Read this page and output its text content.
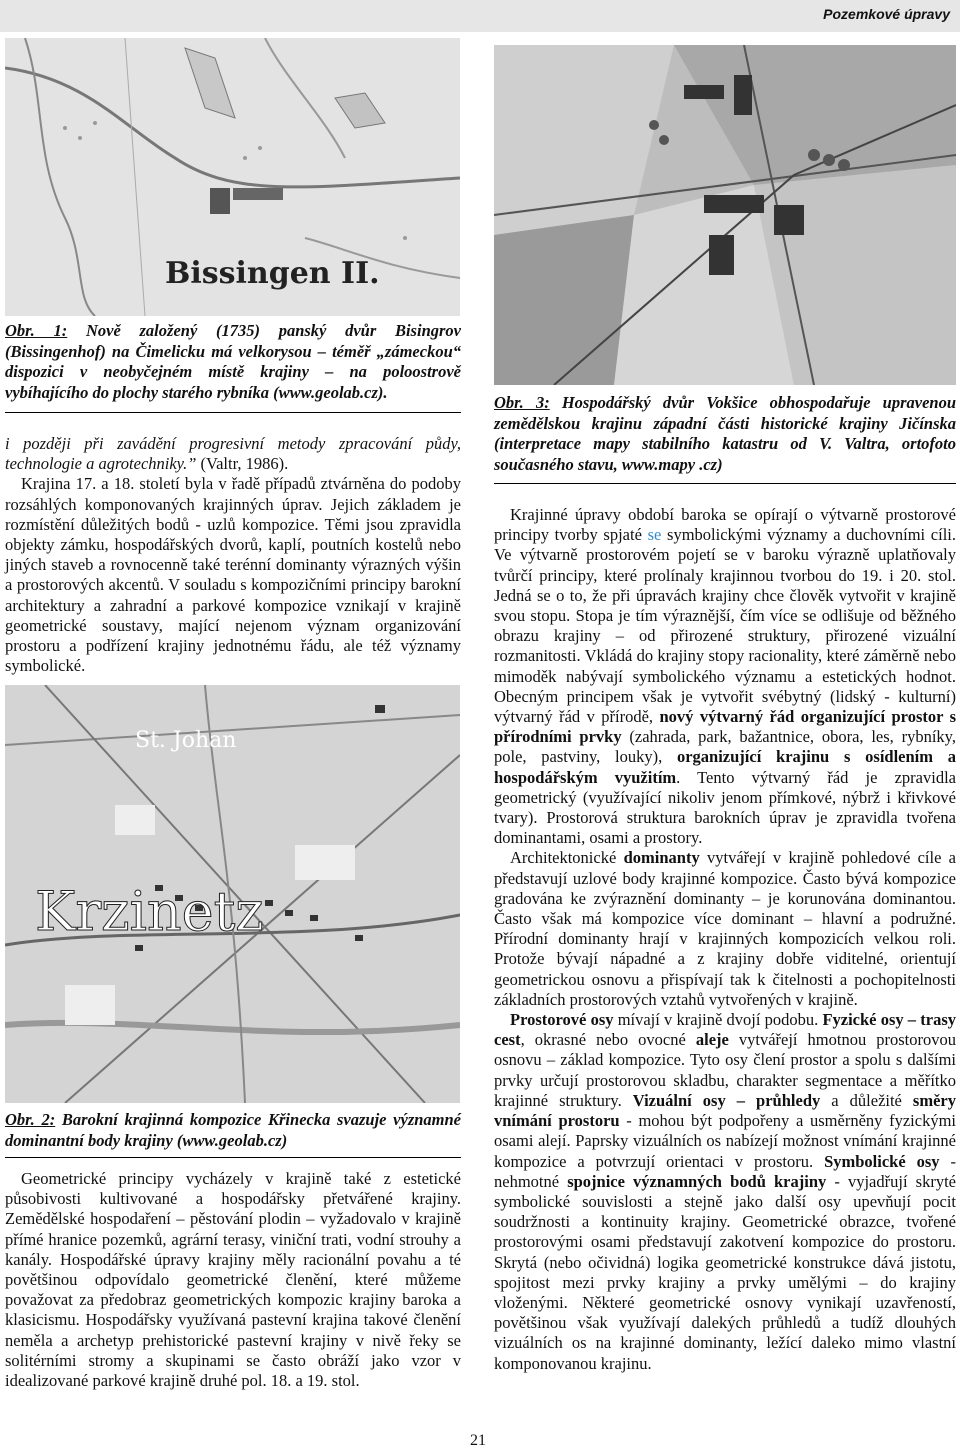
Pozemkové úpravy
Bissingen II.
Obr. 1: Nově založený (1735) panský dvůr Bisingrov (Bissingenhof) na Čimelicku má velkorysou – téměř „zámeckou“ dispozici v neobyčejném místě krajiny – na poloostrově vybíhajícího do plochy starého rybníka (www.geolab.cz).

i později při zavádění progresivní metody zpracování půdy, technologie a agrotechniky.” (Valtr, 1986).

Krajina 17. a 18. století byla v řadě případů ztvárněna do podoby rozsáhlých komponovaných krajinných úprav. Jejich základem je rozmístění důležitých bodů - uzlů kompozice. Těmi jsou zpravidla objekty zámku, hospodářských dvorů, kaplí, poutních kostelů nebo jiných staveb a rovnocenně také terénní dominanty výrazných výšin a prostorových akcentů. V souladu s kompozičními principy barokní architektury a zahradní a parkové kompozice vznikají v krajině geometrické soustavy, mající nejenom význam organizování prostoru a podřízení krajiny jednotnému řádu, ale též významy symbolické.

St. Johan
Krzinetz
Obr. 2: Barokní krajinná kompozice Křinecka svazuje významné dominantní body krajiny (www.geolab.cz)

Geometrické principy vycházely v krajině také z estetické působivosti kultivované a hospodářsky přetvářené krajiny. Zemědělské hospodaření – pěstování plodin – vyžadovalo v krajině přímé hranice pozemků, agrární terasy, viniční trati, vodní strouhy a kanály. Hospodářské úpravy krajiny měly racionální povahu a té povětšinou odpovídalo geometrické členění, které můžeme považovat za předobraz geometrických kompozic krajiny baroka a klasicismu. Hospodářsky využívaná pastevní krajina takové členění neměla a archetyp prehistorické pastevní krajiny v nivě řeky se solitérními stromy a skupinami se často obráží jako vzor v idealizované parkové krajině druhé pol. 18. a 19. stol.

Obr. 3: Hospodářský dvůr Vokšice obhospodařuje upravenou zemědělskou krajinu západní části historické krajiny Jičínska (interpretace mapy stabilního katastru od V. Valtra, ortofoto současného stavu, www.mapy .cz)

Krajinné úpravy období baroka se opírají o výtvarně prostorové principy tvorby spjaté se symbolickými významy a duchovními cíli. Ve výtvarně prostorovém pojetí se v baroku výrazně uplatňovaly tvůrčí principy, které prolínaly krajinnou tvorbou do 19. i 20. stol. Jedná se o to, že při úpravách krajiny chce člověk vytvořit v krajině svou stopu. Stopa je tím výraznější, čím více se odlišuje od běžného obrazu krajiny – od přirozené struktury, přirozené vizuální rozmanitosti. Vkládá do krajiny stopy racionality, které záměrně nebo mimoděk nabývají symbolického významu a estetických hodnot. Obecným principem však je vytvořit svébytný (lidský - kulturní) výtvarný řád v přírodě, nový výtvarný řád organizující prostor s přírodními prvky (zahrada, park, bažantnice, obora, les, rybníky, pole, pastviny, louky), organizující krajinu s osídlením a hospodářským využitím. Tento výtvarný řád je zpravidla geometrický (využívající nikoliv jenom přímkové, nýbrž i křivkové tvary). Prostorová struktura barokních úprav je zpravidla tvořena dominantami, osami a prostory.

Architektonické dominanty vytvářejí v krajině pohledové cíle a představují uzlové body krajinné kompozice. Často bývá kompozice gradována ke zvýraznění dominanty – je korunována dominantou. Často však má kompozice více dominant – hlavní a podružné. Přírodní dominanty hrají v krajinných kompozicích velkou roli. Protože bývají nápadné a z krajiny dobře viditelné, orientují geometrickou osnovu a přispívají tak k čitelnosti a pochopitelnosti základních prostorových vztahů vytvořených v krajině.

Prostorové osy mívají v krajině dvojí podobu. Fyzické osy – trasy cest, okrasné nebo ovocné aleje vytvářejí hmotnou prostorovou osnovu – základ kompozice. Tyto osy člení prostor a spolu s dalšími prvky určují prostorovou skladbu, charakter segmentace a měřítko krajinné struktury. Vizuální osy – průhledy a důležité směry vnímání prostoru - mohou být podpořeny a usměrněny fyzickými osami alejí. Paprsky vizuálních os nabízejí možnost vnímání krajinné kompozice a potvrzují orientaci v prostoru. Symbolické osy - nehmotné spojnice významných bodů krajiny - vyjadřují skryté symbolické souvislosti a stejně jako další osy upevňují pocit soudržnosti a kontinuity krajiny. Geometrické obrazce, tvořené prostorovými osami představují zakotvení kompozice do prostoru. Skrytá (nebo očividná) logika geometrické konstrukce dává jistotu, spojitost mezi prvky krajiny a prvky umělými – do krajiny vloženými. Některé geometrické osnovy vynikají uzavřeností, povětšinou však využívají dalekých průhledů a tudíž dlouhých vizuálních os na krajinné dominanty, ležící daleko mimo vlastní komponovanou krajinu.

21
